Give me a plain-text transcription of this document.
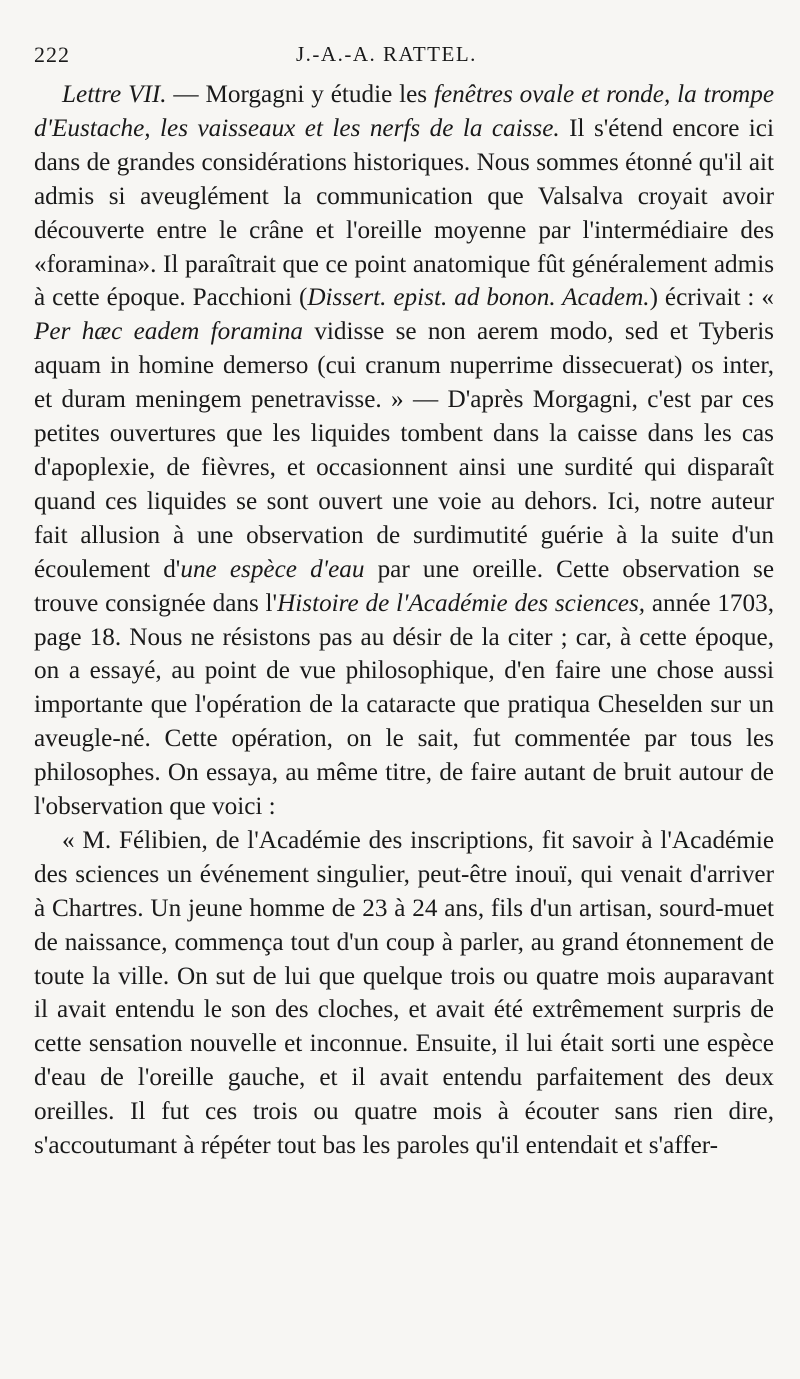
222	J.-A.-A. RATTEL.

Lettre VII. — Morgagni y étudie les fenêtres ovale et ronde, la trompe d'Eustache, les vaisseaux et les nerfs de la caisse. Il s'étend encore ici dans de grandes considérations historiques. Nous sommes étonné qu'il ait admis si aveuglément la communication que Valsalva croyait avoir découverte entre le crâne et l'oreille moyenne par l'intermédiaire des «foramina». Il paraîtrait que ce point anatomique fût généralement admis à cette époque. Pacchioni (Dissert. epist. ad bonon. Academ.) écrivait : « Per hæc eadem foramina vidisse se non aerem modo, sed et Tyberis aquam in homine demerso (cui cranum nuperrime dissecuerat) os inter, et duram meningem penetravisse. » — D'après Morgagni, c'est par ces petites ouvertures que les liquides tombent dans la caisse dans les cas d'apoplexie, de fièvres, et occasionnent ainsi une surdité qui disparaît quand ces liquides se sont ouvert une voie au dehors. Ici, notre auteur fait allusion à une observation de surdimutité guérie à la suite d'un écoulement d'une espèce d'eau par une oreille. Cette observation se trouve consignée dans l'Histoire de l'Académie des sciences, année 1703, page 18. Nous ne résistons pas au désir de la citer ; car, à cette époque, on a essayé, au point de vue philosophique, d'en faire une chose aussi importante que l'opération de la cataracte que pratiqua Cheselden sur un aveugle-né. Cette opération, on le sait, fut commentée par tous les philosophes. On essaya, au même titre, de faire autant de bruit autour de l'observation que voici :

« M. Félibien, de l'Académie des inscriptions, fit savoir à l'Académie des sciences un événement singulier, peut-être inouï, qui venait d'arriver à Chartres. Un jeune homme de 23 à 24 ans, fils d'un artisan, sourd-muet de naissance, commença tout d'un coup à parler, au grand étonnement de toute la ville. On sut de lui que quelque trois ou quatre mois auparavant il avait entendu le son des cloches, et avait été extrêmement surpris de cette sensation nouvelle et inconnue. Ensuite, il lui était sorti une espèce d'eau de l'oreille gauche, et il avait entendu parfaitement des deux oreilles. Il fut ces trois ou quatre mois à écouter sans rien dire, s'accoutumant à répéter tout bas les paroles qu'il entendait et s'affer-
